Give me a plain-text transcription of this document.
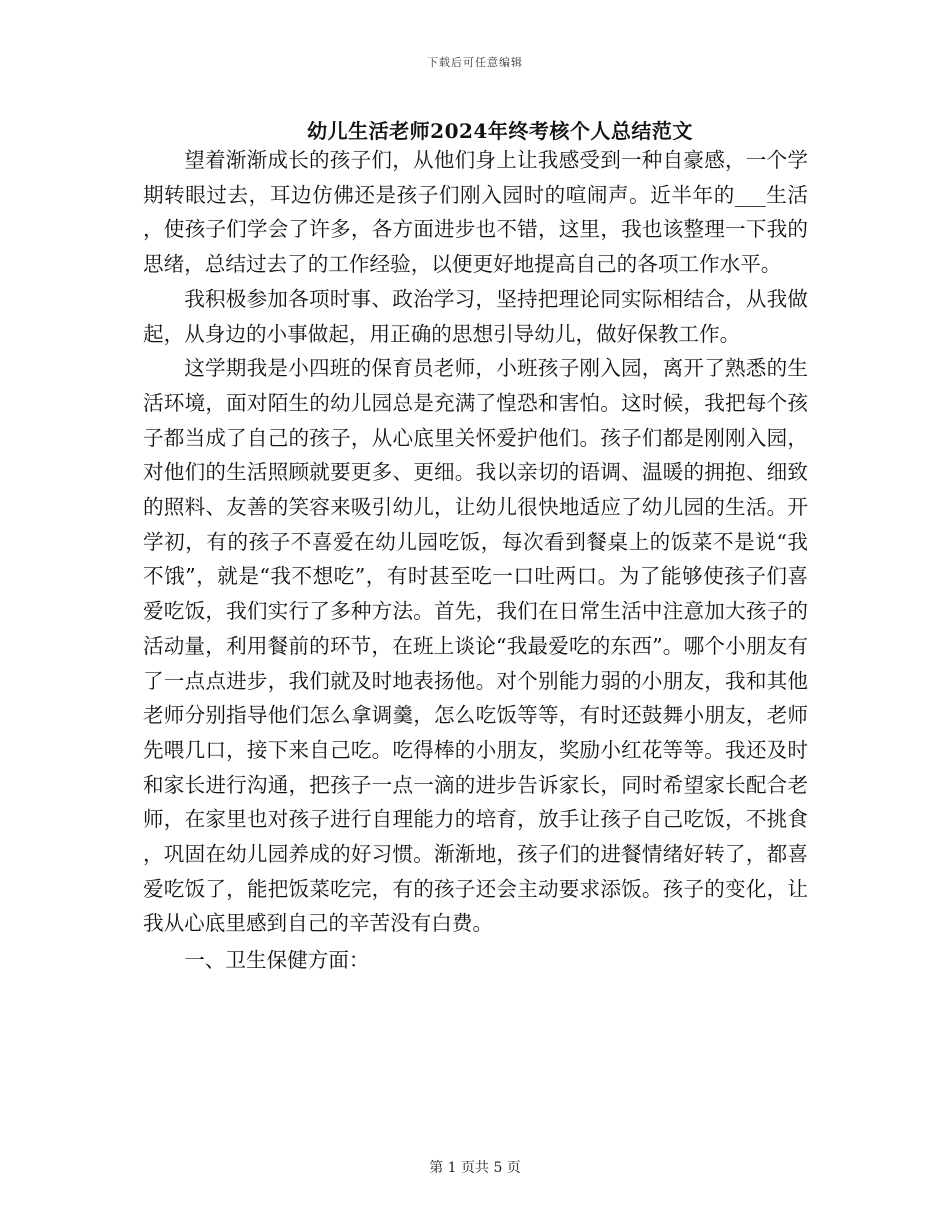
下载后可任意编辑
幼儿生活老师2024年终考核个人总结范文

望着渐渐成长的孩子们，从他们身上让我感受到一种自豪感，一个学期转眼过去，耳边仿佛还是孩子们刚入园时的喧闹声。近半年的___生活，使孩子们学会了许多，各方面进步也不错，这里，我也该整理一下我的思绪，总结过去了的工作经验，以便更好地提高自己的各项工作水平。

我积极参加各项时事、政治学习，坚持把理论同实际相结合，从我做起，从身边的小事做起，用正确的思想引导幼儿，做好保教工作。

这学期我是小四班的保育员老师，小班孩子刚入园，离开了熟悉的生活环境，面对陌生的幼儿园总是充满了惶恐和害怕。这时候，我把每个孩子都当成了自己的孩子，从心底里关怀爱护他们。孩子们都是刚刚入园，对他们的生活照顾就要更多、更细。我以亲切的语调、温暖的拥抱、细致的照料、友善的笑容来吸引幼儿，让幼儿很快地适应了幼儿园的生活。开学初，有的孩子不喜爱在幼儿园吃饭，每次看到餐桌上的饭菜不是说“我不饿”，就是“我不想吃”，有时甚至吃一口吐两口。为了能够使孩子们喜爱吃饭，我们实行了多种方法。首先，我们在日常生活中注意加大孩子的活动量，利用餐前的环节，在班上谈论“我最爱吃的东西”。哪个小朋友有了一点点进步，我们就及时地表扬他。对个别能力弱的小朋友，我和其他老师分别指导他们怎么拿调羹，怎么吃饭等等，有时还鼓舞小朋友，老师先喂几口，接下来自己吃。吃得棒的小朋友，奖励小红花等等。我还及时和家长进行沟通，把孩子一点一滴的进步告诉家长，同时希望家长配合老师，在家里也对孩子进行自理能力的培育，放手让孩子自己吃饭，不挑食，巩固在幼儿园养成的好习惯。渐渐地，孩子们的进餐情绪好转了，都喜爱吃饭了，能把饭菜吃完，有的孩子还会主动要求添饭。孩子的变化，让我从心底里感到自己的辛苦没有白费。

一、卫生保健方面：

第 1 页共 5 页
